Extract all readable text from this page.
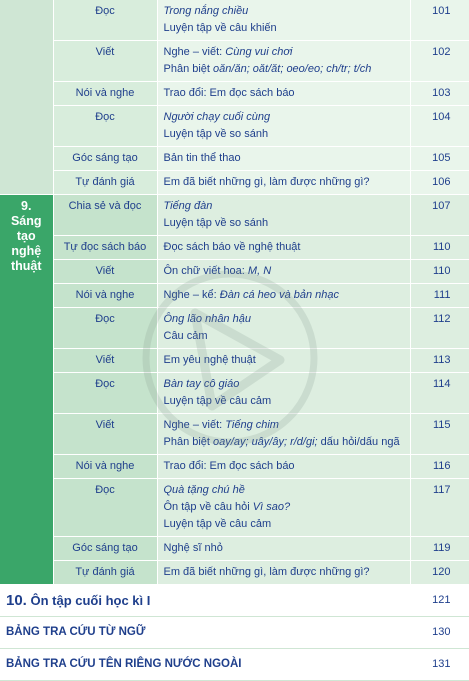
	Đọc	Trong nắng chiều
Luyện tập về câu khiến	101
	Viết	Nghe – viết: Cùng vui chơi
Phân biệt oăn/ăn; oăt/ăt; oeo/eo; ch/tr; t/ch	102
	Nói và nghe	Trao đổi: Em đọc sách báo	103
	Đọc	Người chạy cuối cùng
Luyện tập về so sánh	104
	Góc sáng tạo	Bản tin thể thao	105
	Tự đánh giá	Em đã biết những gì, làm được những gì?	106

9.
Sáng
tạo
nghệ
thuật	Chia sẻ và đọc	Tiếng đàn
Luyện tập về so sánh	107
	Tự đọc sách báo	Đọc sách báo về nghệ thuật	110
	Viết	Ôn chữ viết hoa: M, N	110
	Nói và nghe	Nghe – kể: Đàn cá heo và bản nhạc	111
	Đọc	Ông lão nhân hậu
Câu cảm	112
	Viết	Em yêu nghệ thuật	113
	Đọc	Bàn tay cô giáo
Luyện tập về câu cảm	114
	Viết	Nghe – viết: Tiếng chim
Phân biệt oay/ay; uây/ây; r/d/gi; dấu hỏi/dấu ngã	115
	Nói và nghe	Trao đổi: Em đọc sách báo	116
	Đọc	Quà tặng chú hề
Ôn tập về câu hỏi Vì sao?
Luyện tập về câu cảm	117
	Góc sáng tạo	Nghệ sĩ nhỏ	119
	Tự đánh giá	Em đã biết những gì, làm được những gì?	120
10. Ôn tập cuối học kì I			121
BẢNG TRA CỨU TỪ NGỮ			130
BẢNG TRA CỨU TÊN RIÊNG NƯỚC NGOÀI			131
